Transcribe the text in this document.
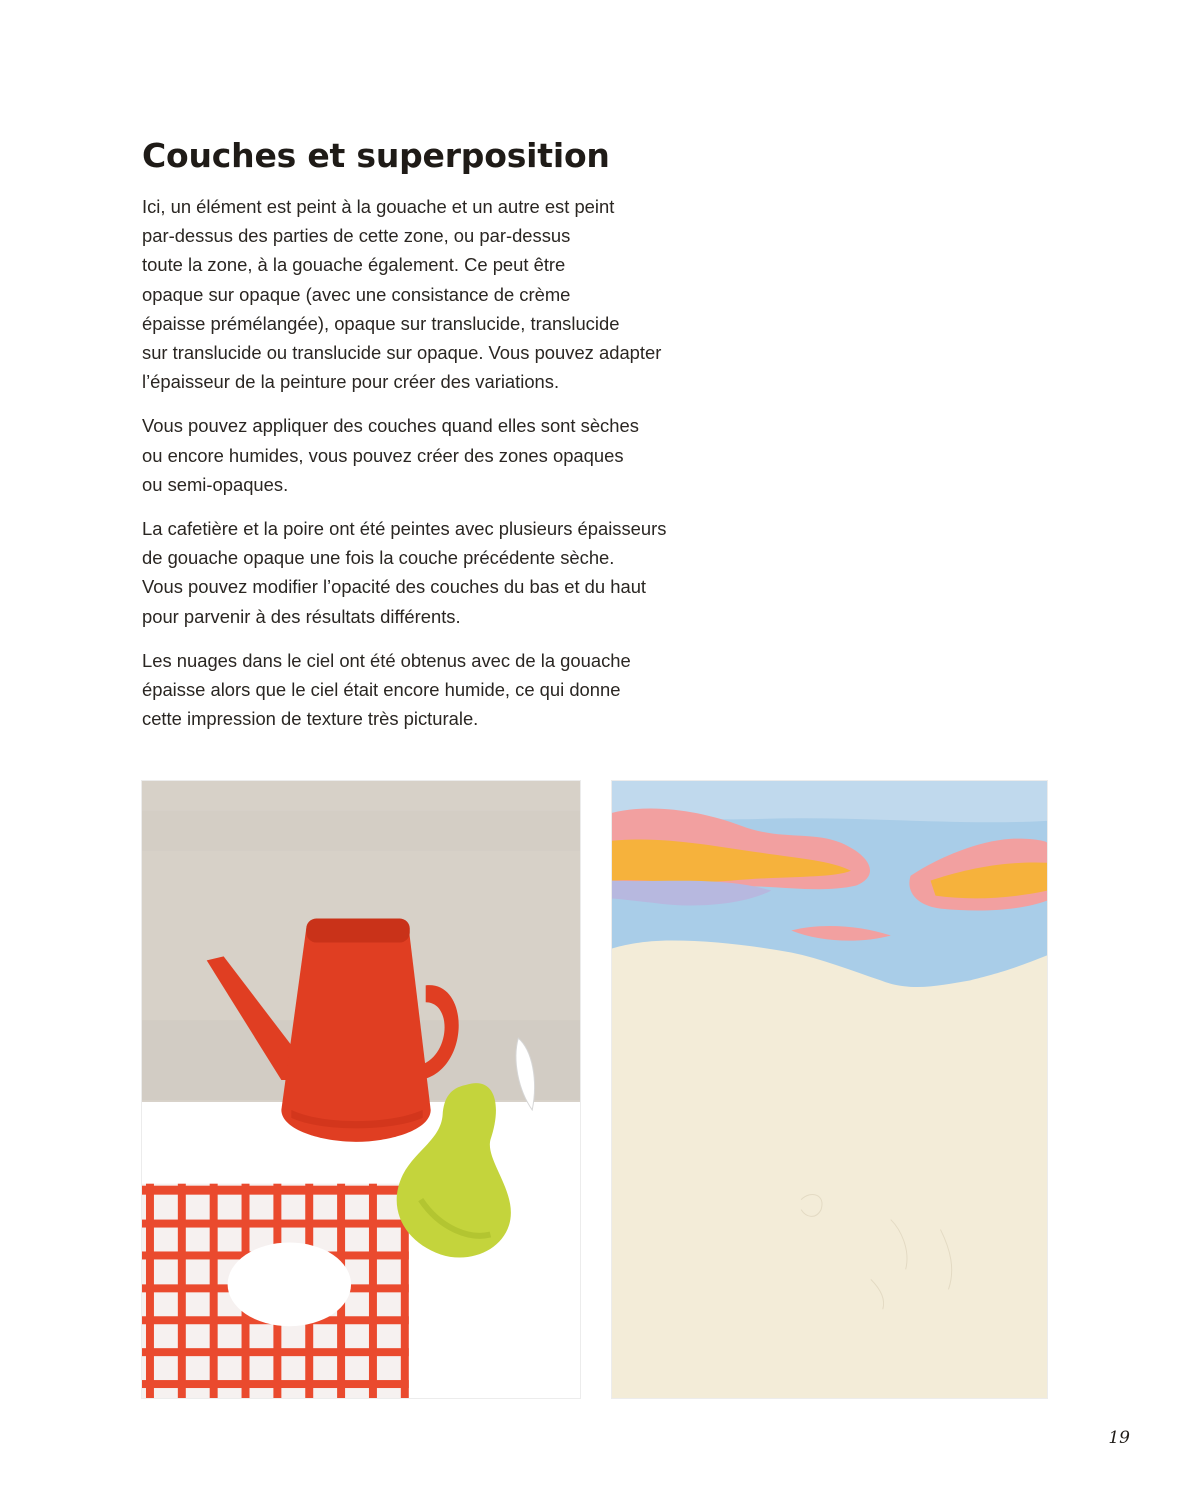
Couches et superposition

Ici, un élément est peint à la gouache et un autre est peint
par-dessus des parties de cette zone, ou par-dessus
toute la zone, à la gouache également. Ce peut être
opaque sur opaque (avec une consistance de crème
épaisse prémélangée), opaque sur translucide, translucide
sur translucide ou translucide sur opaque. Vous pouvez adapter
l’épaisseur de la peinture pour créer des variations.

Vous pouvez appliquer des couches quand elles sont sèches
ou encore humides, vous pouvez créer des zones opaques
ou semi-opaques.

La cafetière et la poire ont été peintes avec plusieurs épaisseurs
de gouache opaque une fois la couche précédente sèche.
Vous pouvez modifier l’opacité des couches du bas et du haut
pour parvenir à des résultats différents.

Les nuages dans le ciel ont été obtenus avec de la gouache
épaisse alors que le ciel était encore humide, ce qui donne
cette impression de texture très picturale.

19
